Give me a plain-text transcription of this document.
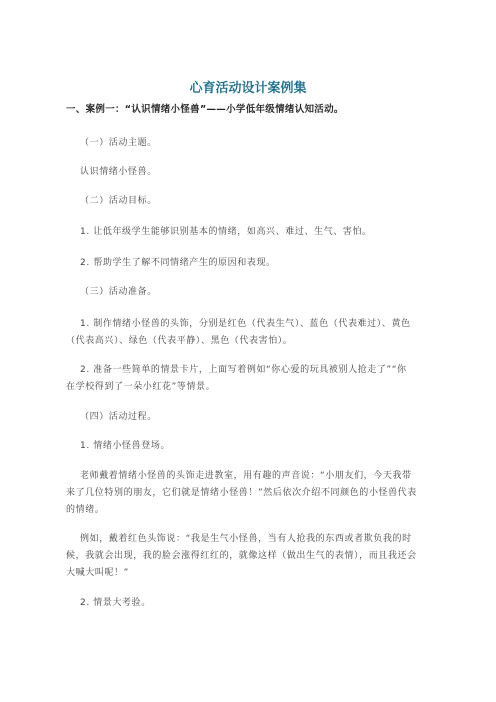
心育活动设计案例集
一、案例一：“认识情绪小怪兽”——小学低年级情绪认知活动。
（一）活动主题。
认识情绪小怪兽。
（二）活动目标。
1. 让低年级学生能够识别基本的情绪，如高兴、难过、生气、害怕。
2. 帮助学生了解不同情绪产生的原因和表现。
（三）活动准备。
1. 制作情绪小怪兽的头饰，分别是红色（代表生气）、蓝色（代表难过）、黄色
（代表高兴）、绿色（代表平静）、黑色（代表害怕）。
2. 准备一些简单的情景卡片，上面写着例如“你心爱的玩具被别人抢走了”“你
在学校得到了一朵小红花”等情景。
（四）活动过程。
1. 情绪小怪兽登场。
老师戴着情绪小怪兽的头饰走进教室，用有趣的声音说：“小朋友们，今天我带
来了几位特别的朋友，它们就是情绪小怪兽！”然后依次介绍不同颜色的小怪兽代表
的情绪。
例如，戴着红色头饰说：“我是生气小怪兽，当有人抢我的东西或者欺负我的时
候，我就会出现，我的脸会涨得红红的，就像这样（做出生气的表情），而且我还会
大喊大叫呢！”
2. 情景大考验。
